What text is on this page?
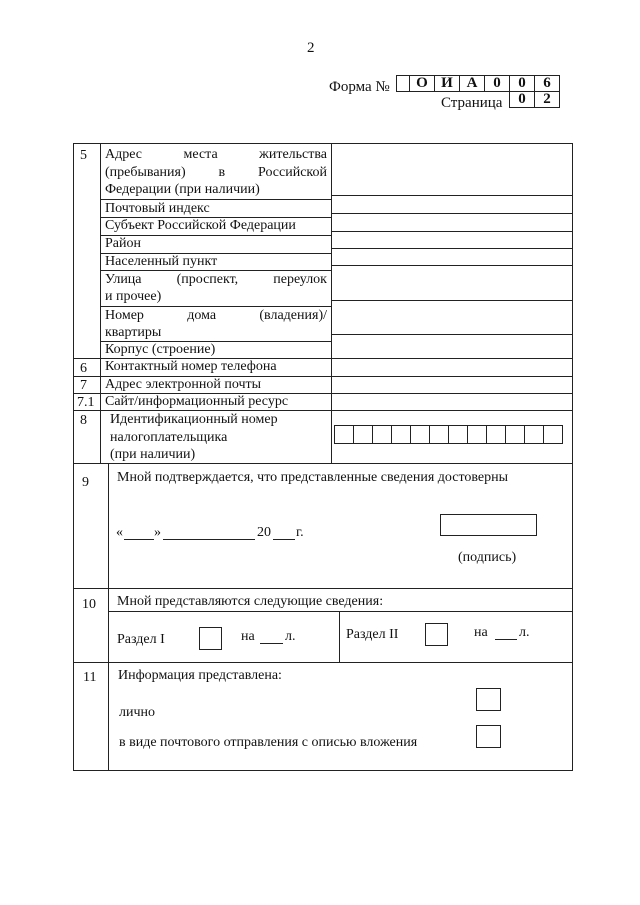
2
Форма №	О И А	0	0	6
Страница	0	2
5 Адрес	места	жительства
(пребывания) в Российской
Федерации (при наличии)
Почтовый индекс
Субъект Российской Федерации
Район
Населенный пункт
Улица	(проспект,	переулок
и прочее)
Номер	дома	(владения)/
квартиры
Корпус (строение)
6 Контактный номер телефона
7 Адрес электронной почты
7.1 Сайт/информационный ресурс
8 Идентификационный номер
налогоплательщика
(при наличии)
9 Мной подтверждается, что представленные сведения достоверны
« »	20 г.
(подпись)
10 Мной представляются следующие сведения:
Раздел I	на л.	Раздел II	на л.
11 Информация представлена:
лично
в виде почтового отправления с описью вложения
